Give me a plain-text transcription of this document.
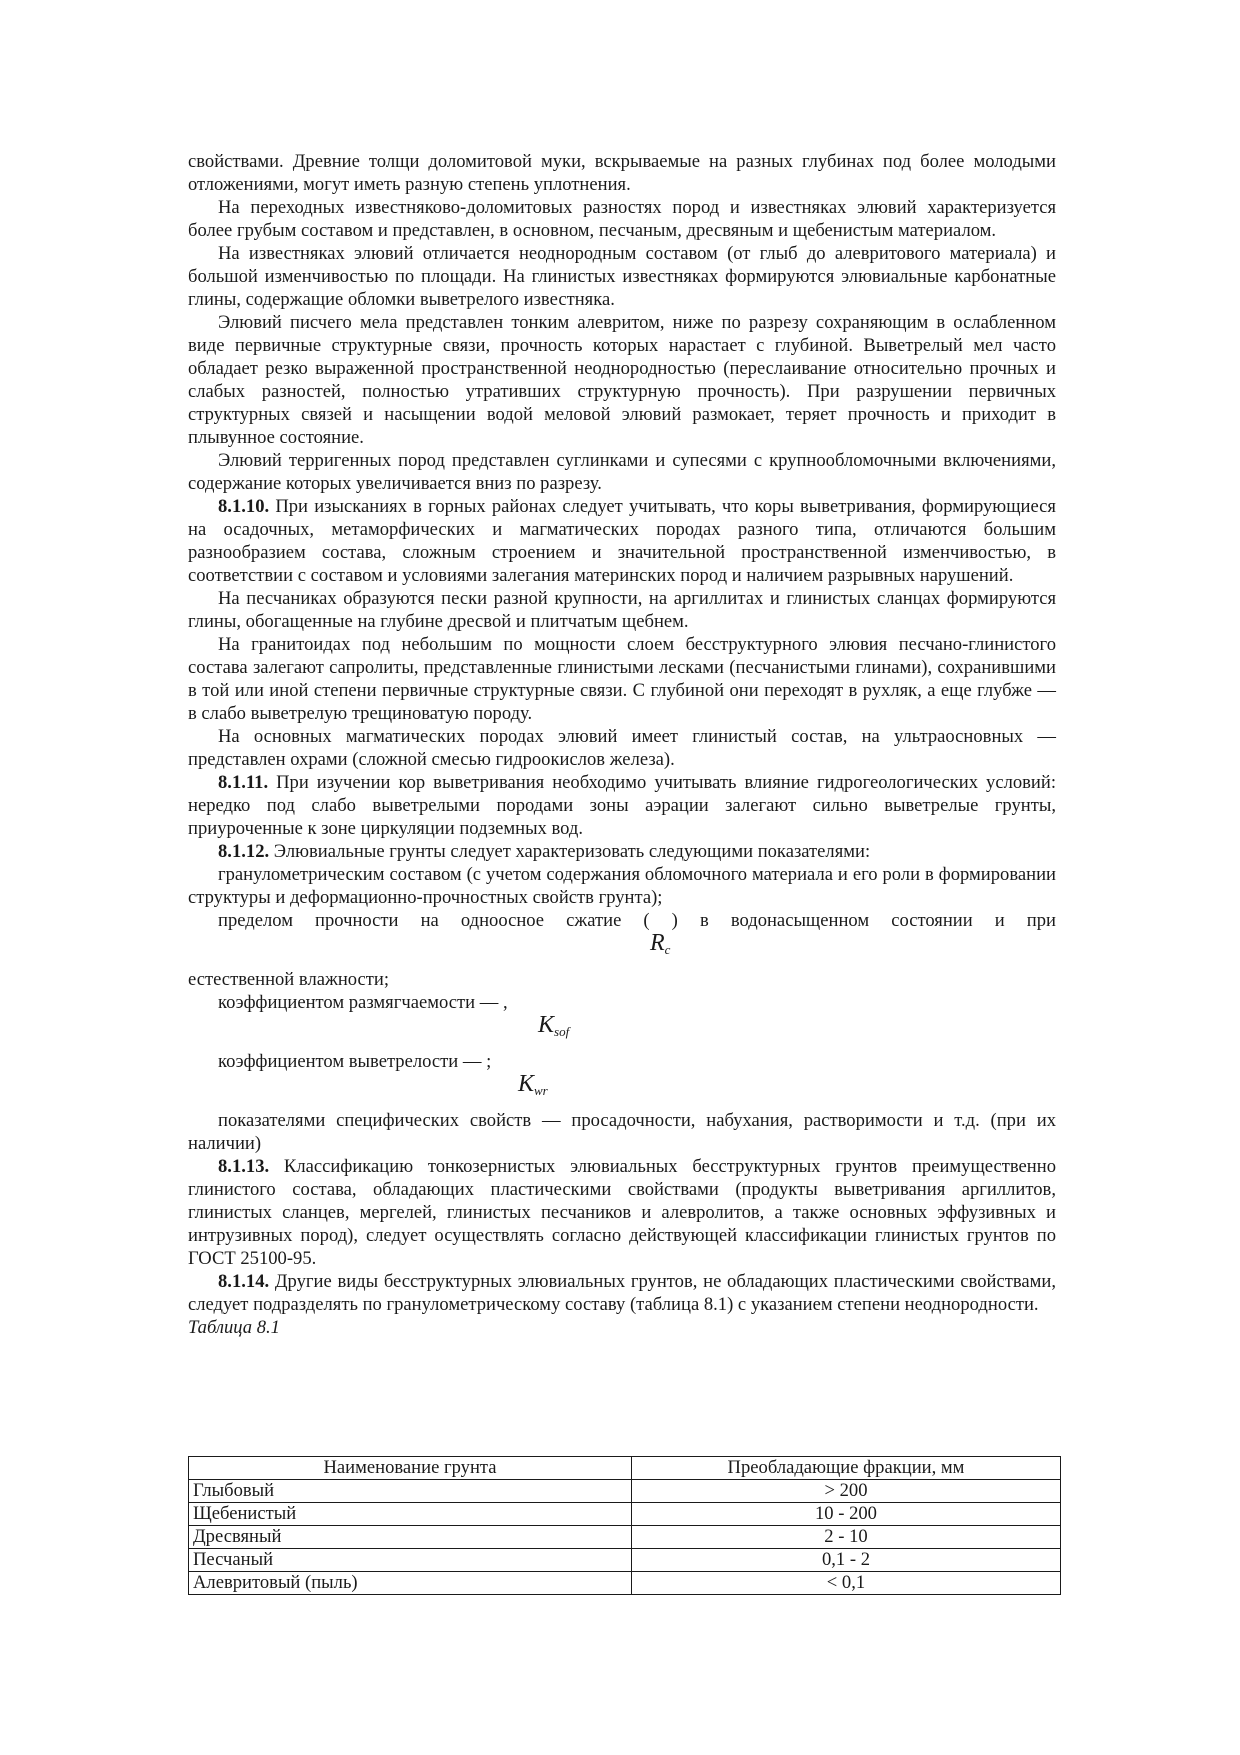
свойствами. Древние толщи доломитовой муки, вскрываемые на разных глубинах под более молодыми отложениями, могут иметь разную степень уплотнения.

На переходных известняково-доломитовых разностях пород и известняках элювий характеризуется более грубым составом и представлен, в основном, песчаным, дресвяным и щебенистым материалом.

На известняках элювий отличается неоднородным составом (от глыб до алевритового материала) и большой изменчивостью по площади. На глинистых известняках формируются элювиальные карбонатные глины, содержащие обломки выветрелого известняка.

Элювий писчего мела представлен тонким алевритом, ниже по разрезу сохраняющим в ослабленном виде первичные структурные связи, прочность которых нарастает с глубиной. Выветрелый мел часто обладает резко выраженной пространственной неоднородностью (переслаивание относительно прочных и слабых разностей, полностью утративших структурную прочность). При разрушении первичных структурных связей и насыщении водой меловой элювий размокает, теряет прочность и приходит в плывунное состояние.

Элювий терригенных пород представлен суглинками и супесями с крупнообломочными включениями, содержание которых увеличивается вниз по разрезу.

8.1.10. При изысканиях в горных районах следует учитывать, что коры выветривания, формирующиеся на осадочных, метаморфических и магматических породах разного типа, отличаются большим разнообразием состава, сложным строением и значительной пространственной изменчивостью, в соответствии с составом и условиями залегания материнских пород и наличием разрывных нарушений.

На песчаниках образуются пески разной крупности, на аргиллитах и глинистых сланцах формируются глины, обогащенные на глубине дресвой и плитчатым щебнем.

На гранитоидах под небольшим по мощности слоем бесструктурного элювия песчано-глинистого состава залегают сапролиты, представленные глинистыми лесками (песчанистыми глинами), сохранившими в той или иной степени первичные структурные связи. С глубиной они переходят в рухляк, а еще глубже — в слабо выветрелую трещиноватую породу.

На основных магматических породах элювий имеет глинистый состав, на ультраосновных — представлен охрами (сложной смесью гидроокислов железа).

8.1.11. При изучении кор выветривания необходимо учитывать влияние гидрогеологических условий: нередко под слабо выветрелыми породами зоны аэрации залегают сильно выветрелые грунты, приуроченные к зоне циркуляции подземных вод.

8.1.12. Элювиальные грунты следует характеризовать следующими показателями:

гранулометрическим составом (с учетом содержания обломочного материала и его роли в формировании структуры и деформационно-прочностных свойств грунта);

пределом прочности на одноосное сжатие ( ) в водонасыщенном состоянии и при

$R_c$

естественной влажности;

коэффициентом размягчаемости — ,

$K_{sof}$

коэффициентом выветрелости — ;

$K_{wr}$

показателями специфических свойств — просадочности, набухания, растворимости и т.д. (при их наличии)

8.1.13. Классификацию тонкозернистых элювиальных бесструктурных грунтов преимущественно глинистого состава, обладающих пластическими свойствами (продукты выветривания аргиллитов, глинистых сланцев, мергелей, глинистых песчаников и алевролитов, а также основных эффузивных и интрузивных пород), следует осуществлять согласно действующей классификации глинистых грунтов по ГОСТ 25100-95.

8.1.14. Другие виды бесструктурных элювиальных грунтов, не обладающих пластическими свойствами, следует подразделять по гранулометрическому составу (таблица 8.1) с указанием степени неоднородности.

Таблица 8.1

Наименование грунта	Преобладающие фракции, мм
Глыбовый	> 200
Щебенистый	10 - 200
Дресвяный	2 - 10
Песчаный	0,1 - 2
Алевритовый (пыль)	< 0,1
